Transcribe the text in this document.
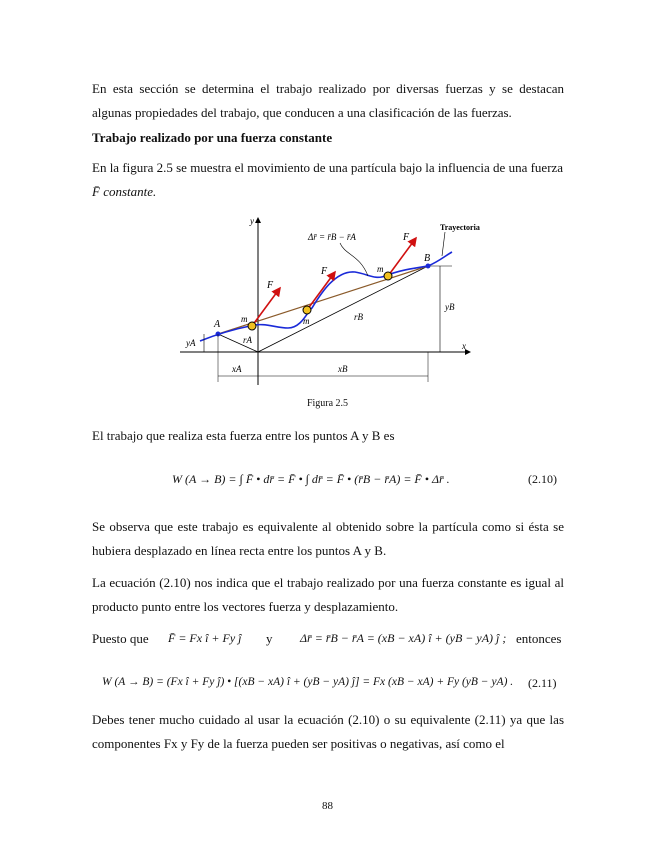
En esta sección se determina el trabajo realizado por diversas fuerzas y se destacan algunas propiedades del trabajo, que conducen a una clasificación de las fuerzas.

Trabajo realizado por una fuerza constante

En la figura 2.5 se muestra el movimiento de una partícula bajo la influencia de una fuerza
F̄ constante.

y
x
A
B
Trayectoria
Δr̄ = r̄B − r̄A
F
F
F
m	m
m
rA
rB
yA
yB
xA	xB
Figura 2.5

El trabajo que realiza esta fuerza entre los puntos A y B es

W (A → B) = ∫ F̄ • dr̄ = F̄ • ∫ dr̄ = F̄ • (r̄B − r̄A) = F̄ • Δr̄ .	(2.10)

Se observa que este trabajo es equivalente al obtenido sobre la partícula como si ésta se hubiera desplazado en línea recta entre los puntos A y B.

La ecuación (2.10) nos indica que el trabajo realizado por una fuerza constante es igual al producto punto entre los vectores fuerza y desplazamiento.

Puesto que F̄ = Fx î + Fy ĵ y Δr̄ = r̄B − r̄A = (xB − xA) î + (yB − yA) ĵ ; entonces
W (A → B) = (Fx î + Fy ĵ) • [(xB − xA) î + (yB − yA) ĵ] = Fx (xB − xA) + Fy (yB − yA) . (2.11)

Debes tener mucho cuidado al usar la ecuación (2.10) o su equivalente (2.11) ya que las componentes Fx y Fy de la fuerza pueden ser positivas o negativas, así como el

88
